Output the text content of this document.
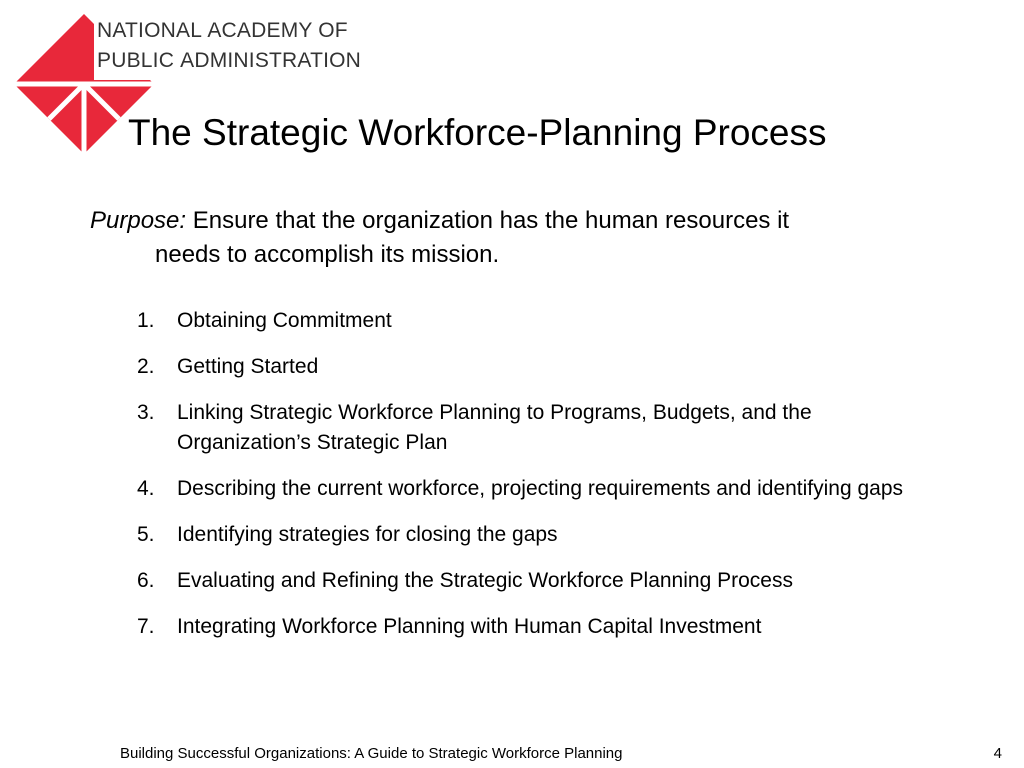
NATIONAL ACADEMY OF
PUBLIC ADMINISTRATION
The Strategic Workforce-Planning Process
Purpose: Ensure that the organization has the human resources it
needs to accomplish its mission.
1.	Obtaining Commitment
2.	Getting Started
3.	Linking Strategic Workforce Planning to Programs, Budgets, and the Organization’s Strategic Plan
4.	Describing the current workforce, projecting requirements and identifying gaps
5.	Identifying strategies for closing the gaps
6.	Evaluating and Refining the Strategic Workforce Planning Process
7.	Integrating Workforce Planning with Human Capital Investment
Building Successful Organizations: A Guide to Strategic Workforce Planning	4
